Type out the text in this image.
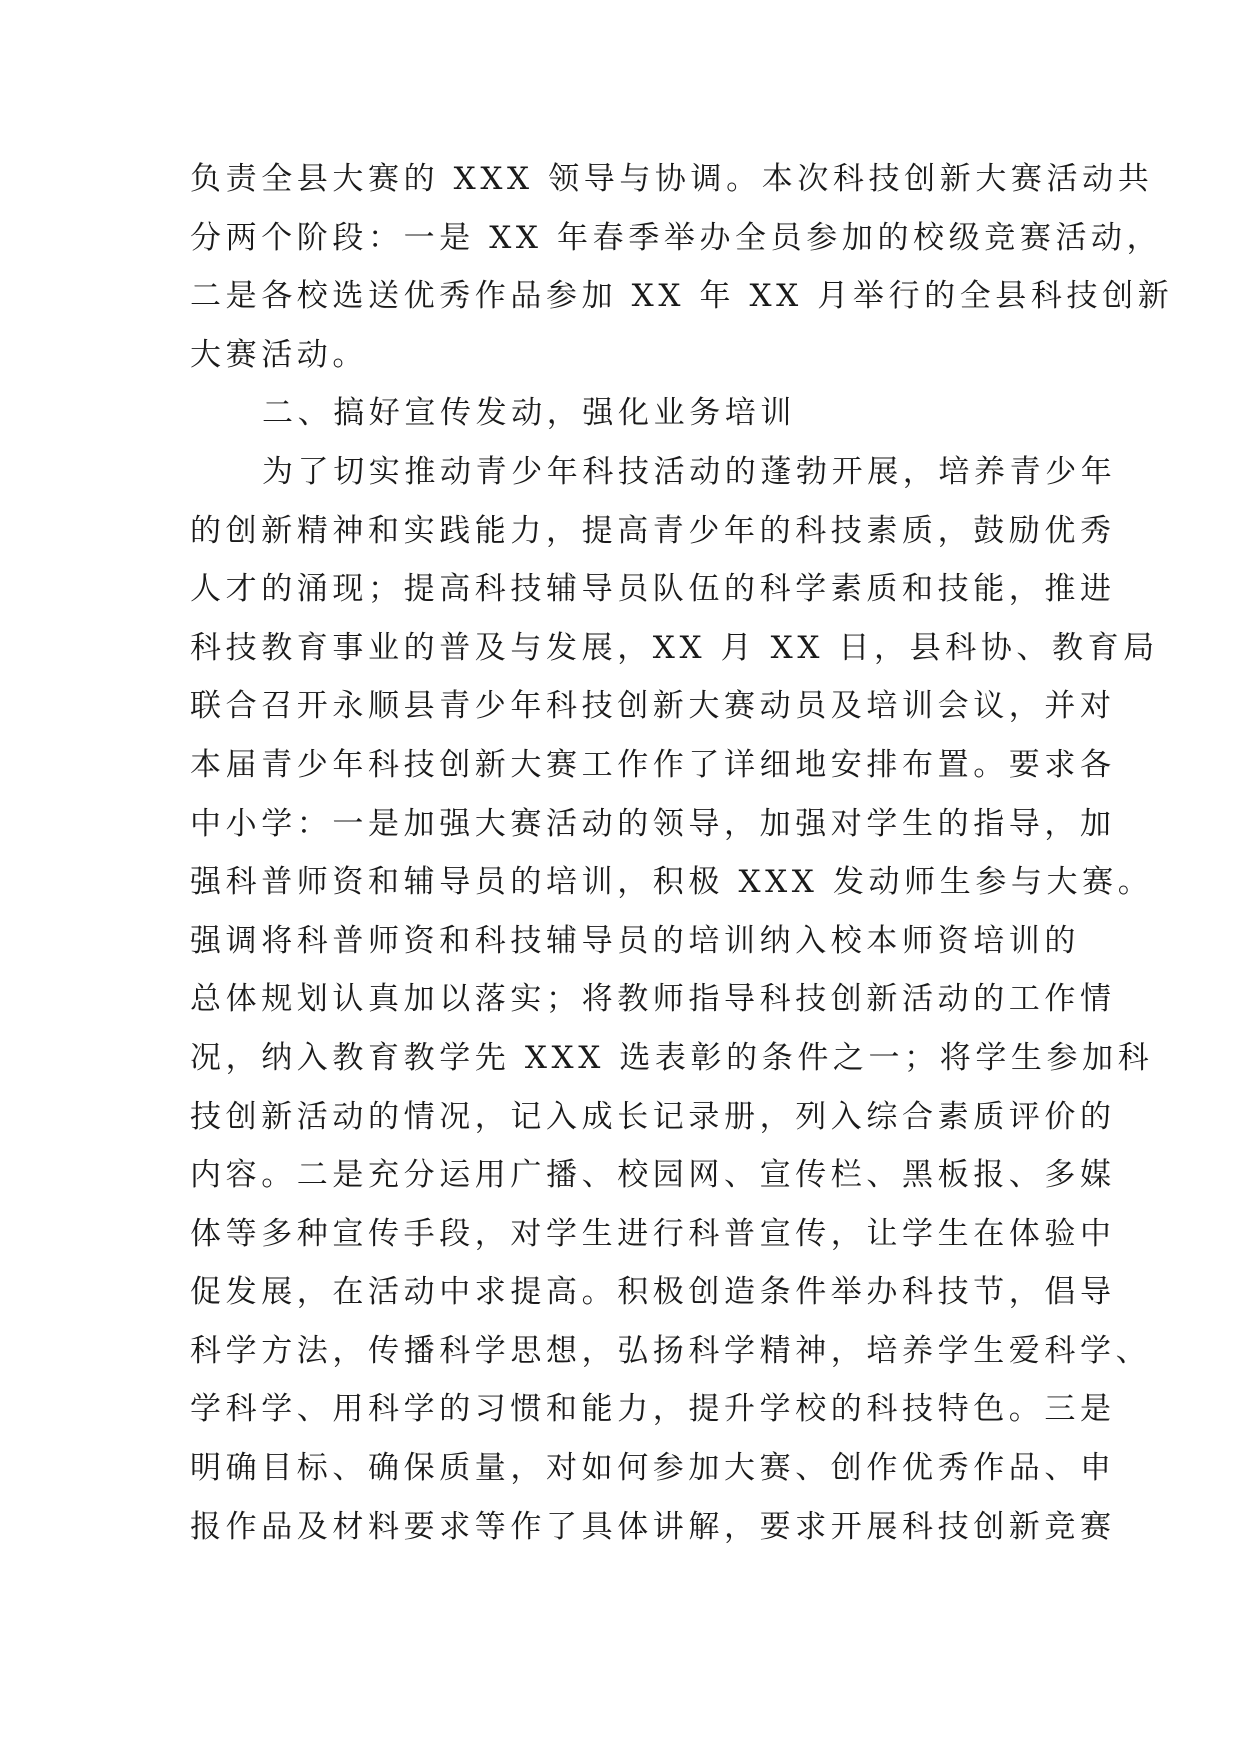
负责全县大赛的 XXX 领导与协调。本次科技创新大赛活动共
分两个阶段：一是 XX 年春季举办全员参加的校级竞赛活动，
二是各校选送优秀作品参加 XX 年 XX 月举行的全县科技创新
大赛活动。
二、搞好宣传发动，强化业务培训
为了切实推动青少年科技活动的蓬勃开展，培养青少年
的创新精神和实践能力，提高青少年的科技素质，鼓励优秀
人才的涌现；提高科技辅导员队伍的科学素质和技能，推进
科技教育事业的普及与发展，XX 月 XX 日，县科协、教育局
联合召开永顺县青少年科技创新大赛动员及培训会议，并对
本届青少年科技创新大赛工作作了详细地安排布置。要求各
中小学：一是加强大赛活动的领导，加强对学生的指导，加
强科普师资和辅导员的培训，积极 XXX 发动师生参与大赛。
强调将科普师资和科技辅导员的培训纳入校本师资培训的
总体规划认真加以落实；将教师指导科技创新活动的工作情
况，纳入教育教学先 XXX 选表彰的条件之一；将学生参加科
技创新活动的情况，记入成长记录册，列入综合素质评价的
内容。二是充分运用广播、校园网、宣传栏、黑板报、多媒
体等多种宣传手段，对学生进行科普宣传，让学生在体验中
促发展，在活动中求提高。积极创造条件举办科技节，倡导
科学方法，传播科学思想，弘扬科学精神，培养学生爱科学、
学科学、用科学的习惯和能力，提升学校的科技特色。三是
明确目标、确保质量，对如何参加大赛、创作优秀作品、申
报作品及材料要求等作了具体讲解，要求开展科技创新竞赛
